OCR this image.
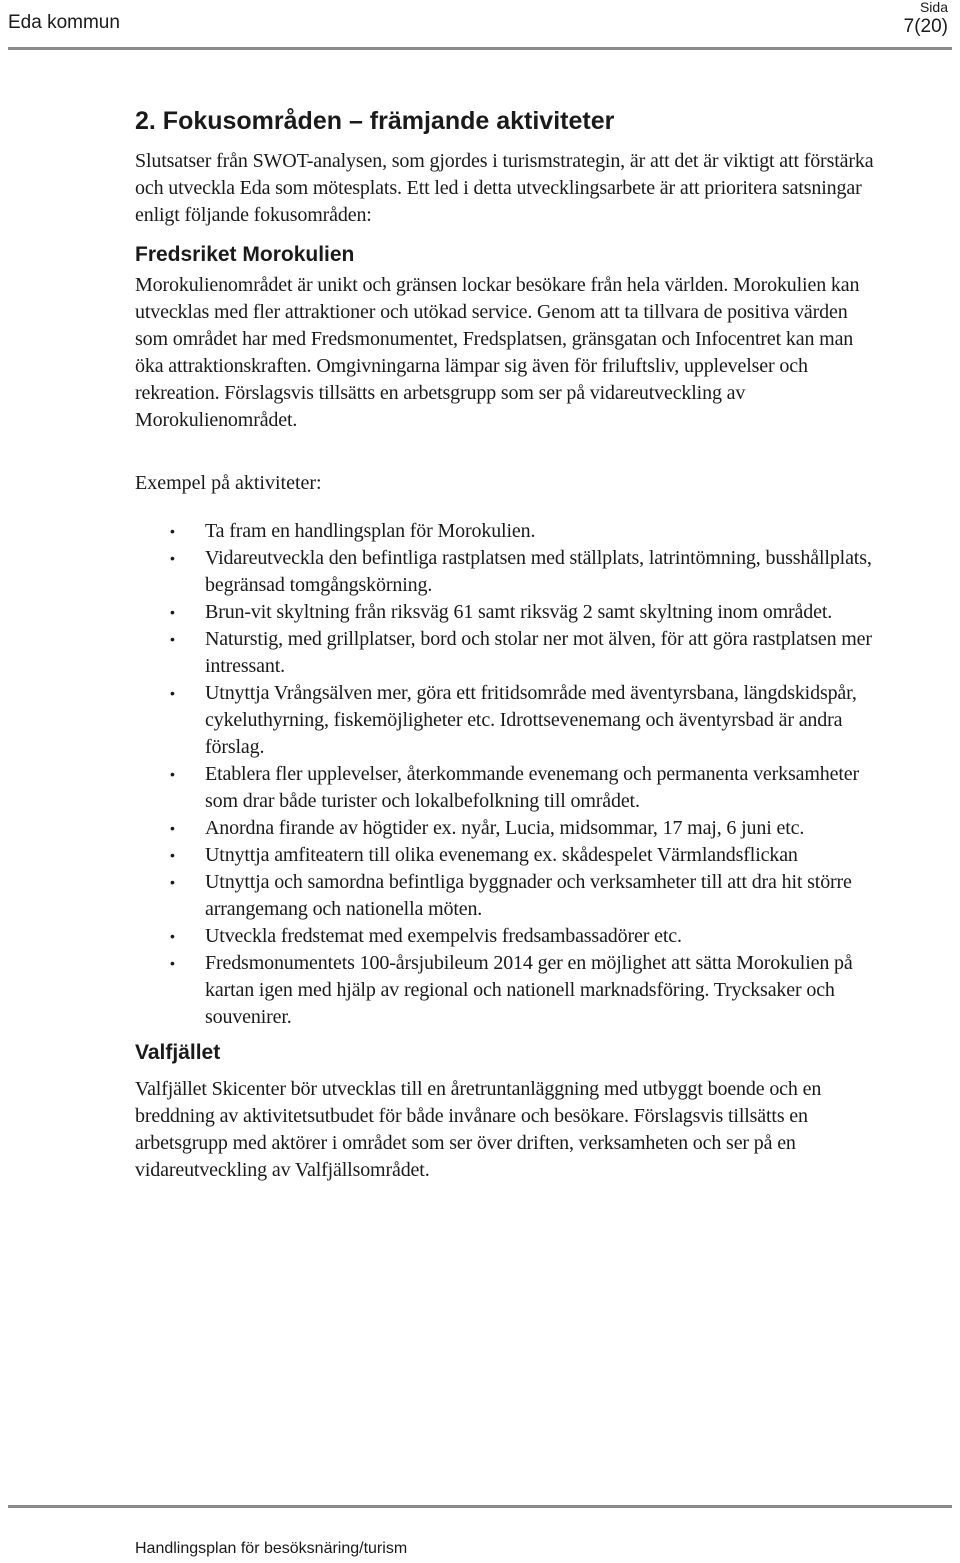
Eda kommun
Sida
7(20)
2. Fokusområden – främjande aktiviteter

Slutsatser från SWOT-analysen, som gjordes i turismstrategin, är att det är viktigt att förstärka och utveckla Eda som mötesplats. Ett led i detta utvecklingsarbete är att prioritera satsningar enligt följande fokusområden:

Fredsriket Morokulien

Morokulienområdet är unikt och gränsen lockar besökare från hela världen. Morokulien kan utvecklas med fler attraktioner och utökad service. Genom att ta tillvara de positiva värden som området har med Fredsmonumentet, Fredsplatsen, gränsgatan och Infocentret kan man öka attraktionskraften. Omgivningarna lämpar sig även för friluftsliv, upplevelser och rekreation. Förslagsvis tillsätts en arbetsgrupp som ser på vidareutveckling av Morokulienområdet.

Exempel på aktiviteter:

• Ta fram en handlingsplan för Morokulien.
• Vidareutveckla den befintliga rastplatsen med ställplats, latrintömning, busshållplats, begränsad tomgångskörning.
• Brun-vit skyltning från riksväg 61 samt riksväg 2 samt skyltning inom området.
• Naturstig, med grillplatser, bord och stolar ner mot älven, för att göra rastplatsen mer intressant.
• Utnyttja Vrångsälven mer, göra ett fritidsområde med äventyrsbana, längdskidspår, cykeluthyrning, fiskemöjligheter etc. Idrottsevenemang och äventyrsbad är andra förslag.
• Etablera fler upplevelser, återkommande evenemang och permanenta verksamheter som drar både turister och lokalbefolkning till området.
• Anordna firande av högtider ex. nyår, Lucia, midsommar, 17 maj, 6 juni etc.
• Utnyttja amfiteatern till olika evenemang ex. skådespelet Värmlandsflickan
• Utnyttja och samordna befintliga byggnader och verksamheter till att dra hit större arrangemang och nationella möten.
• Utveckla fredstemat med exempelvis fredsambassadörer etc.
• Fredsmonumentets 100-årsjubileum 2014 ger en möjlighet att sätta Morokulien på kartan igen med hjälp av regional och nationell marknadsföring. Trycksaker och souvenirer.
Valfjället

Valfjället Skicenter bör utvecklas till en åretruntanläggning med utbyggt boende och en breddning av aktivitetsutbudet för både invånare och besökare. Förslagsvis tillsätts en arbetsgrupp med aktörer i området som ser över driften, verksamheten och ser på en vidareutveckling av Valfjällsområdet.

Handlingsplan för besöksnäring/turism
